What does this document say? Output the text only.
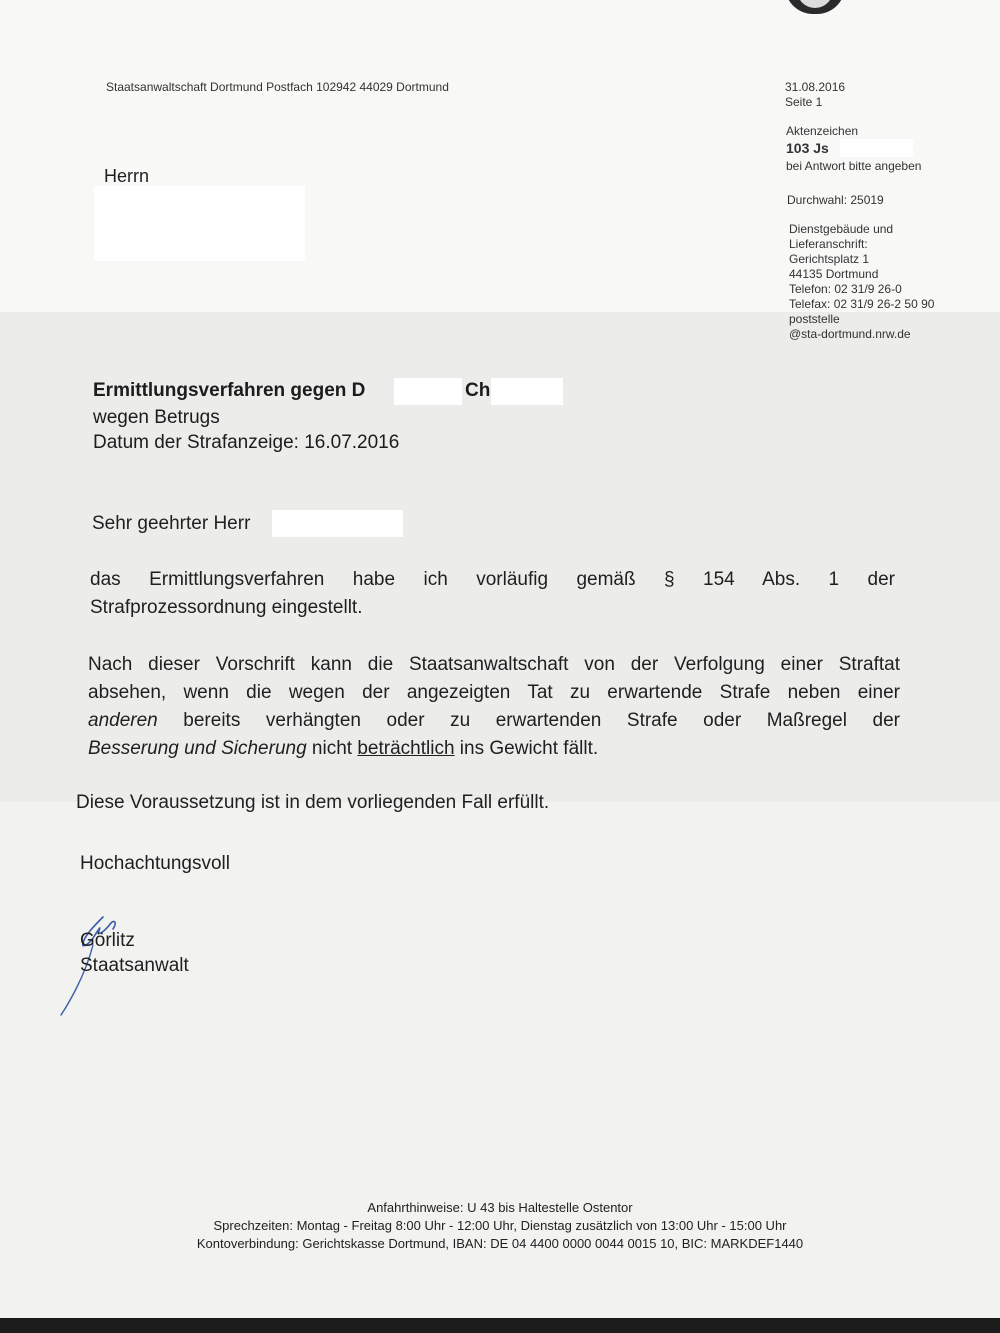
Staatsanwaltschaft Dortmund Postfach 102942 44029 Dortmund
Herrn
31.08.2016
Seite 1
Aktenzeichen
103 Js
bei Antwort bitte angeben
Durchwahl: 25019
Dienstgebäude und
Lieferanschrift:
Gerichtsplatz 1
44135 Dortmund
Telefon: 02 31/9 26-0
Telefax: 02 31/9 26-2 50 90
poststelle
@sta-dortmund.nrw.de
Ermittlungsverfahren gegen D	Ch
wegen Betrugs
Datum der Strafanzeige: 16.07.2016
Sehr geehrter Herr
das Ermittlungsverfahren habe ich vorläufig gemäß § 154 Abs. 1 der
Strafprozessordnung eingestellt.
Nach dieser Vorschrift kann die Staatsanwaltschaft von der Verfolgung einer Straftat
absehen, wenn die wegen der angezeigten Tat zu erwartende Strafe neben einer
anderen bereits verhängten oder zu erwartenden Strafe oder Maßregel der
Besserung und Sicherung nicht beträchtlich ins Gewicht fällt.
Diese Voraussetzung ist in dem vorliegenden Fall erfüllt.
Hochachtungsvoll
Görlitz
Staatsanwalt
Anfahrthinweise: U 43 bis Haltestelle Ostentor
Sprechzeiten: Montag - Freitag 8:00 Uhr - 12:00 Uhr, Dienstag zusätzlich von 13:00 Uhr - 15:00 Uhr
Kontoverbindung: Gerichtskasse Dortmund, IBAN: DE 04 4400 0000 0044 0015 10, BIC: MARKDEF1440
